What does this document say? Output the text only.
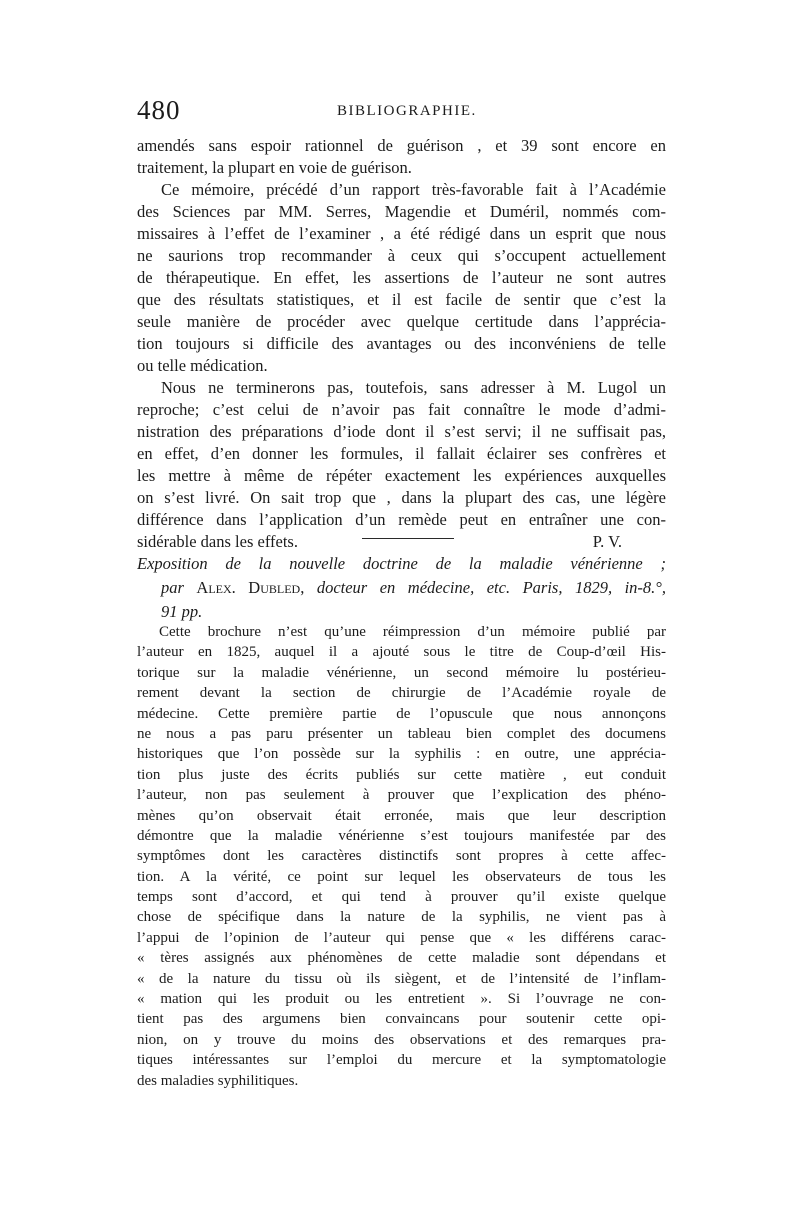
480	BIBLIOGRAPHIE.
amendés sans espoir rationnel de guérison , et 39 sont encore en
traitement, la plupart en voie de guérison.
Ce mémoire, précédé d’un rapport très-favorable fait à l’Académie
des Sciences par MM. Serres, Magendie et Duméril, nommés com-
missaires à l’effet de l’examiner , a été rédigé dans un esprit que nous
ne saurions trop recommander à ceux qui s’occupent actuellement
de thérapeutique. En effet, les assertions de l’auteur ne sont autres
que des résultats statistiques, et il est facile de sentir que c’est la
seule manière de procéder avec quelque certitude dans l’apprécia-
tion toujours si difficile des avantages ou des inconvéniens de telle
ou telle médication.
Nous ne terminerons pas, toutefois, sans adresser à M. Lugol un
reproche; c’est celui de n’avoir pas fait connaître le mode d’admi-
nistration des préparations d’iode dont il s’est servi; il ne suffisait pas,
en effet, d’en donner les formules, il fallait éclairer ses confrères et
les mettre à même de répéter exactement les expériences auxquelles
on s’est livré. On sait trop que , dans la plupart des cas, une légère
différence dans l’application d’un remède peut en entraîner une con-
sidérable dans les effets.	P. V.
Exposition de la nouvelle doctrine de la maladie vénérienne ;
par Alex. Dubled, docteur en médecine, etc. Paris, 1829, in-8.°,
91 pp.
Cette brochure n’est qu’une réimpression d’un mémoire publié par
l’auteur en 1825, auquel il a ajouté sous le titre de Coup-d’œil His-
torique sur la maladie vénérienne, un second mémoire lu postérieu-
rement devant la section de chirurgie de l’Académie royale de
médecine. Cette première partie de l’opuscule que nous annonçons
ne nous a pas paru présenter un tableau bien complet des documens
historiques que l’on possède sur la syphilis : en outre, une apprécia-
tion plus juste des écrits publiés sur cette matière , eut conduit
l’auteur, non pas seulement à prouver que l’explication des phéno-
mènes qu’on observait était erronée, mais que leur description
démontre que la maladie vénérienne s’est toujours manifestée par des
symptômes dont les caractères distinctifs sont propres à cette affec-
tion. A la vérité, ce point sur lequel les observateurs de tous les
temps sont d’accord, et qui tend à prouver qu’il existe quelque
chose de spécifique dans la nature de la syphilis, ne vient pas à
l’appui de l’opinion de l’auteur qui pense que « les différens carac-
« tères assignés aux phénomènes de cette maladie sont dépendans et
« de la nature du tissu où ils siègent, et de l’intensité de l’inflam-
« mation qui les produit ou les entretient ». Si l’ouvrage ne con-
tient pas des argumens bien convaincans pour soutenir cette opi-
nion, on y trouve du moins des observations et des remarques pra-
tiques intéressantes sur l’emploi du mercure et la symptomatologie
des maladies syphilitiques.
